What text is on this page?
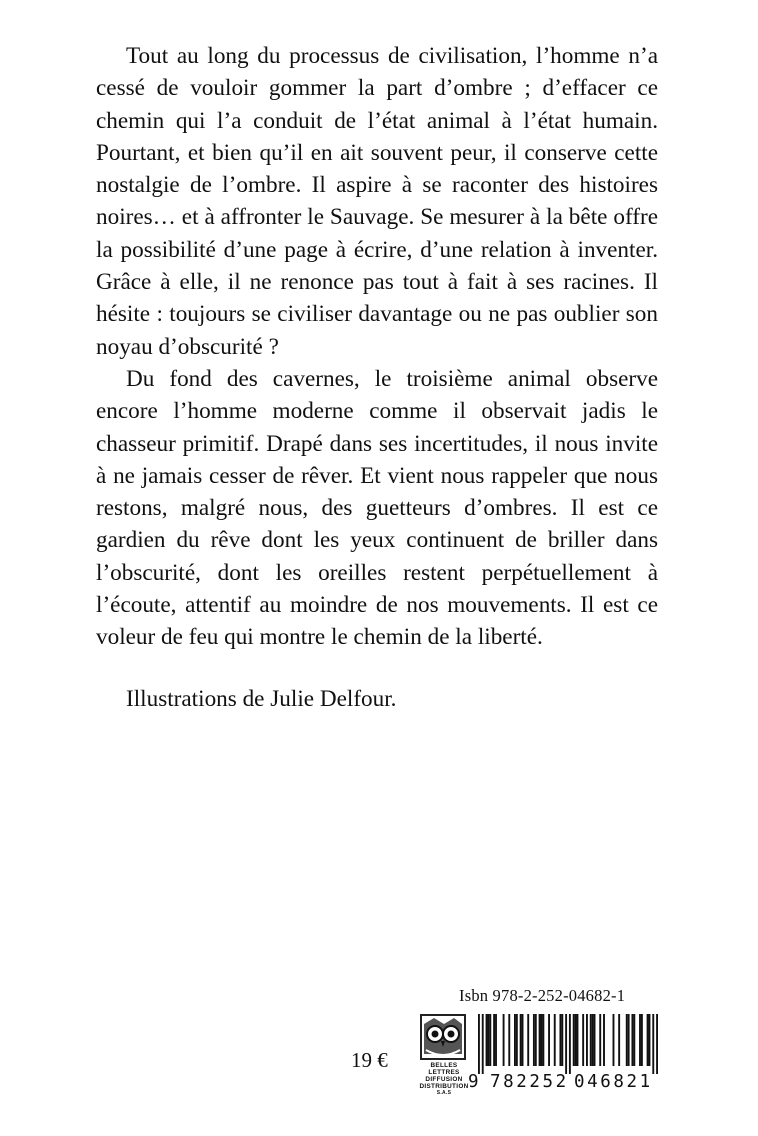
Tout au long du processus de civilisation, l’homme n’a cessé de vouloir gommer la part d’ombre ; d’effacer ce chemin qui l’a conduit de l’état animal à l’état humain. Pourtant, et bien qu’il en ait souvent peur, il conserve cette nostalgie de l’ombre. Il aspire à se raconter des histoires noires… et à affronter le Sauvage. Se mesurer à la bête offre la possibilité d’une page à écrire, d’une relation à inventer. Grâce à elle, il ne renonce pas tout à fait à ses racines. Il hésite : toujours se civiliser davantage ou ne pas oublier son noyau d’obscurité ?

Du fond des cavernes, le troisième animal observe encore l’homme moderne comme il observait jadis le chasseur primitif. Drapé dans ses incertitudes, il nous invite à ne jamais cesser de rêver. Et vient nous rappeler que nous restons, malgré nous, des guetteurs d’ombres. Il est ce gardien du rêve dont les yeux continuent de briller dans l’obscurité, dont les oreilles restent perpétuellement à l’écoute, attentif au moindre de nos mouvements. Il est ce voleur de feu qui montre le chemin de la liberté.

Illustrations de Julie Delfour.
Isbn 978-2-252-04682-1
19 €	BELLES LETTRES
DIFFUSION
DISTRIBUTION
S.A.S
9 782252 046821
